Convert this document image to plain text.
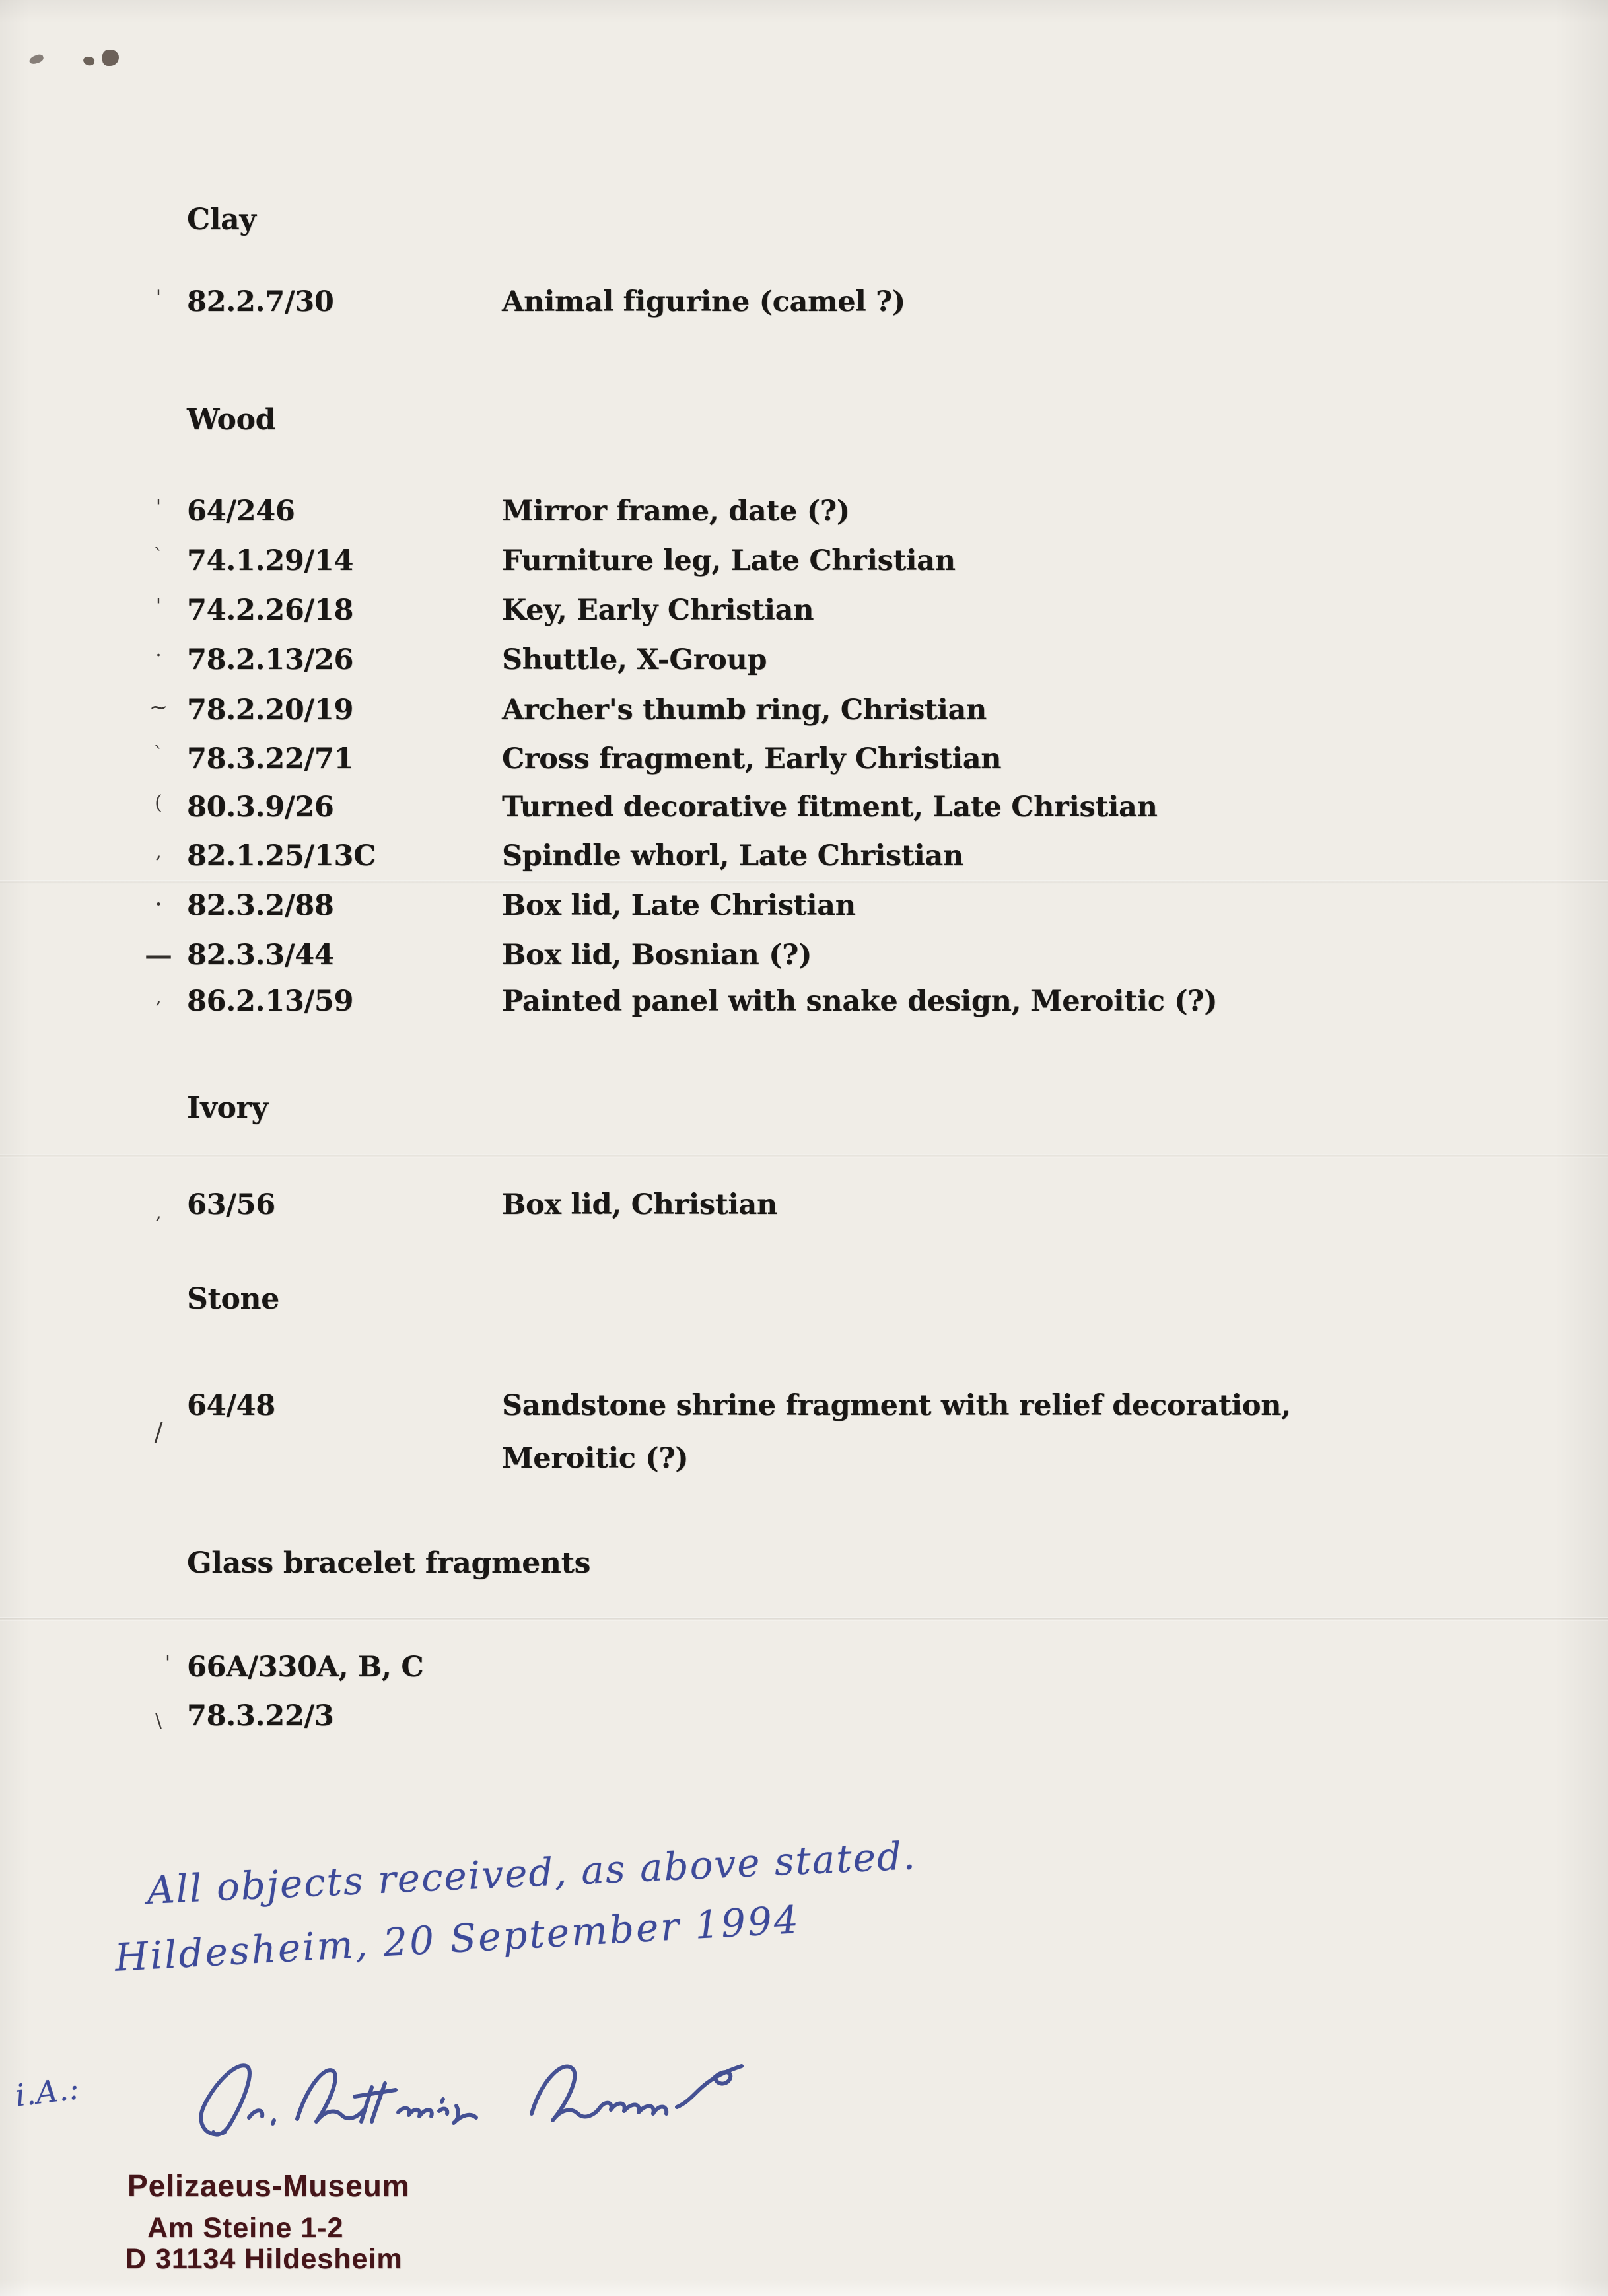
Clay
' 82.2.7/30	Animal figurine (camel ?)
Wood
' 64/246	Mirror frame, date (?)
` 74.1.29/14	Furniture leg, Late Christian
' 74.2.26/18	Key, Early Christian
· 78.2.13/26	Shuttle, X-Group
~ 78.2.20/19	Archer's thumb ring, Christian
` 78.3.22/71	Cross fragment, Early Christian
( 80.3.9/26	Turned decorative fitment, Late Christian
, 82.1.25/13C	Spindle whorl, Late Christian
· 82.3.2/88	Box lid, Late Christian
— 82.3.3/44	Box lid, Bosnian (?)
, 86.2.13/59	Painted panel with snake design, Meroitic (?)
Ivory
, 63/56	Box lid, Christian
Stone
/
64/48	Sandstone shrine fragment with relief decoration,
Meroitic (?)
Glass bracelet fragments
' 66A/330A, B, C
\ 78.3.22/3
All objects received, as above stated.
Hildesheim, 20 September 1994
i.A.:
Pelizaeus-Museum
Am Steine 1-2
D 31134 Hildesheim
